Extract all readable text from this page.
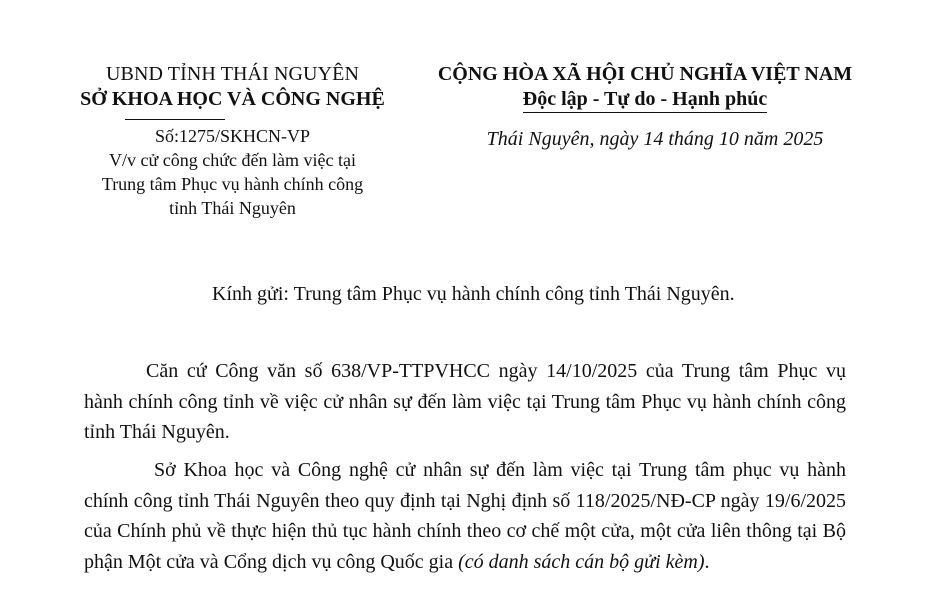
UBND TỈNH THÁI NGUYÊN
SỞ KHOA HỌC VÀ CÔNG NGHỆ
Số:1275/SKHCN-VP
V/v cử công chức đến làm việc tại
Trung tâm Phục vụ hành chính công
tỉnh Thái Nguyên
CỘNG HÒA XÃ HỘI CHỦ NGHĨA VIỆT NAM
Độc lập - Tự do - Hạnh phúc
Thái Nguyên, ngày 14 tháng 10 năm 2025
Kính gửi: Trung tâm Phục vụ hành chính công tỉnh Thái Nguyên.
Căn cứ Công văn số 638/VP-TTPVHCC ngày 14/10/2025 của Trung tâm Phục vụ hành chính công tỉnh về việc cử nhân sự đến làm việc tại Trung tâm Phục vụ hành chính công tỉnh Thái Nguyên.
Sở Khoa học và Công nghệ cử nhân sự đến làm việc tại Trung tâm phục vụ hành chính công tỉnh Thái Nguyên theo quy định tại Nghị định số 118/2025/NĐ-CP ngày 19/6/2025 của Chính phủ về thực hiện thủ tục hành chính theo cơ chế một cửa, một cửa liên thông tại Bộ phận Một cửa và Cổng dịch vụ công Quốc gia (có danh sách cán bộ gửi kèm).
